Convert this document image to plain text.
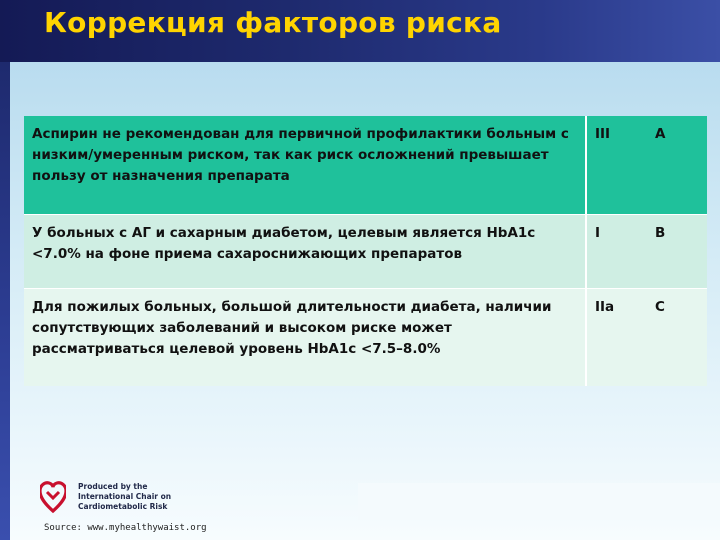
Коррекция факторов риска
Аспирин не рекомендован для первичной профилактики больным с низким/умеренным риском, так как риск осложнений превышает пользу от назначения препарата
III	A
У больных с АГ и сахарным диабетом, целевым является HbA1c <7.0% на фоне приема сахароснижающих препаратов
I	B
Для пожилых больных, большой длительности диабета, наличии сопутствующих заболеваний и высоком риске может рассматриваться целевой уровень HbA1c <7.5–8.0%
IIa	C
Produced by the
International Chair on
Cardiometabolic Risk
Source: www.myhealthywaist.org
